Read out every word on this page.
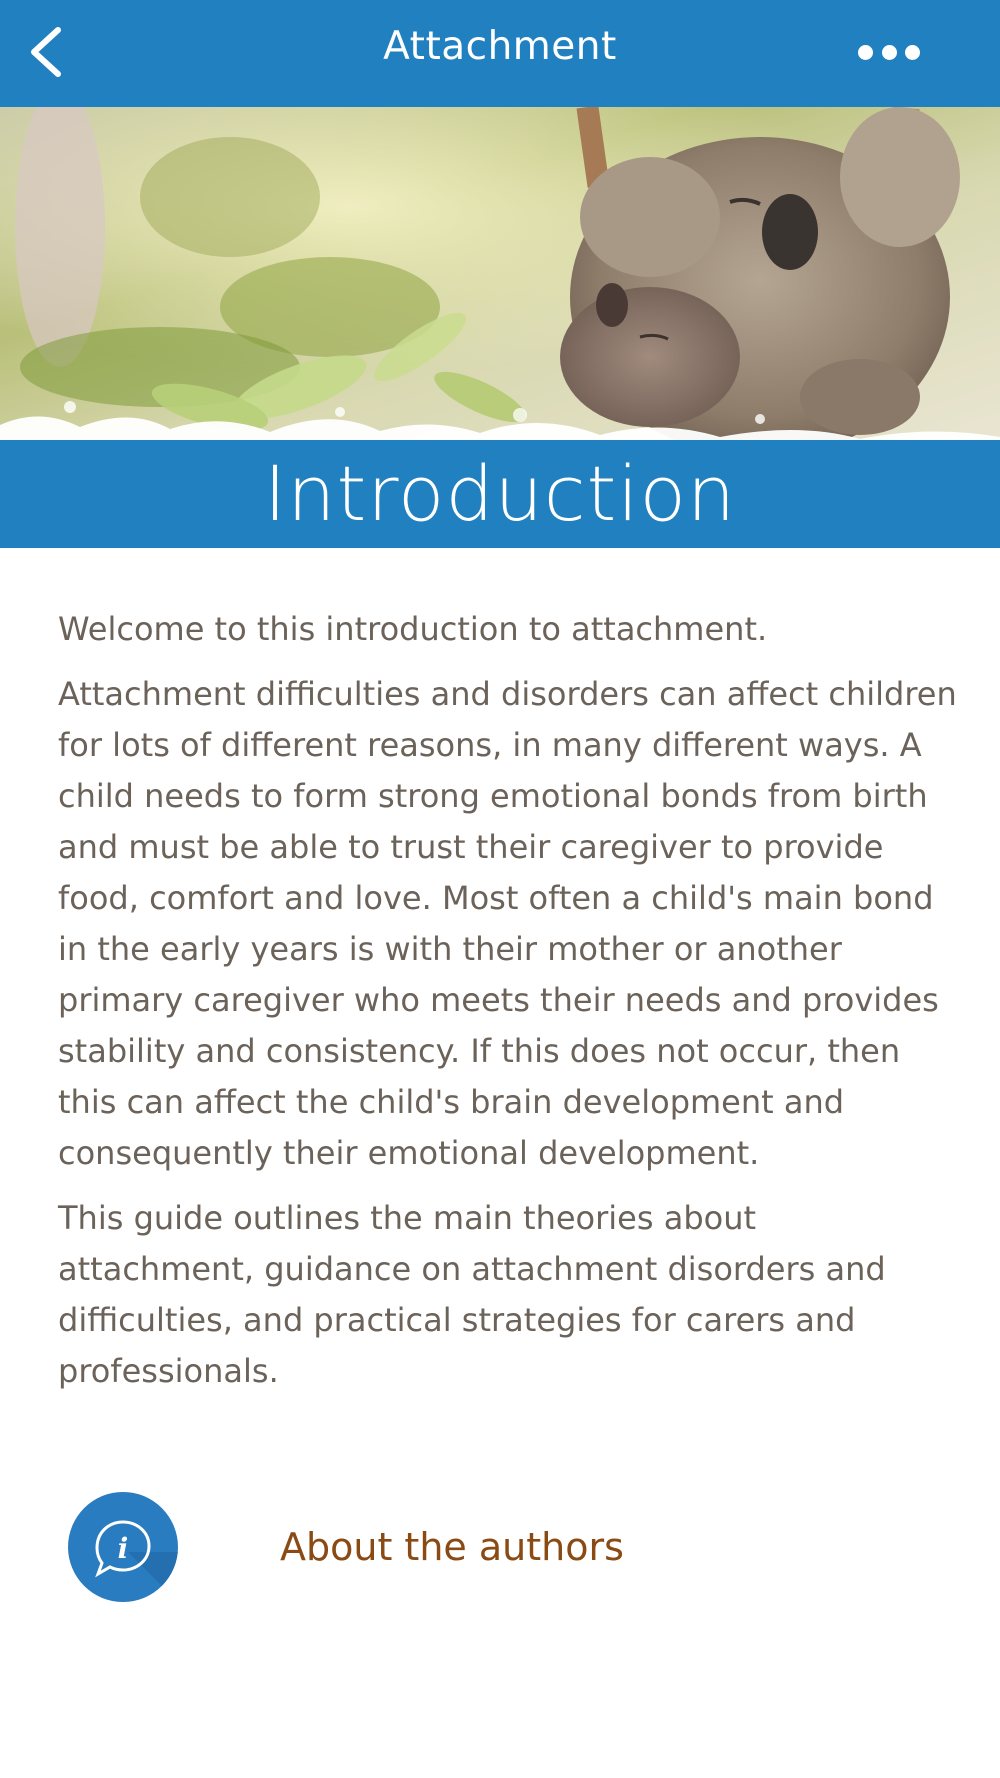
Attachment
Introduction

Welcome to this introduction to attachment.

Attachment difficulties and disorders can affect children for lots of different reasons, in many different ways. A child needs to form strong emotional bonds from birth and must be able to trust their caregiver to provide food, comfort and love. Most often a child's main bond in the early years is with their mother or another primary caregiver who meets their needs and provides stability and consistency. If this does not occur, then this can affect the child's brain development and consequently their emotional development.

This guide outlines the main theories about attachment, guidance on attachment disorders and difficulties, and practical strategies for carers and professionals.

i	About the authors
